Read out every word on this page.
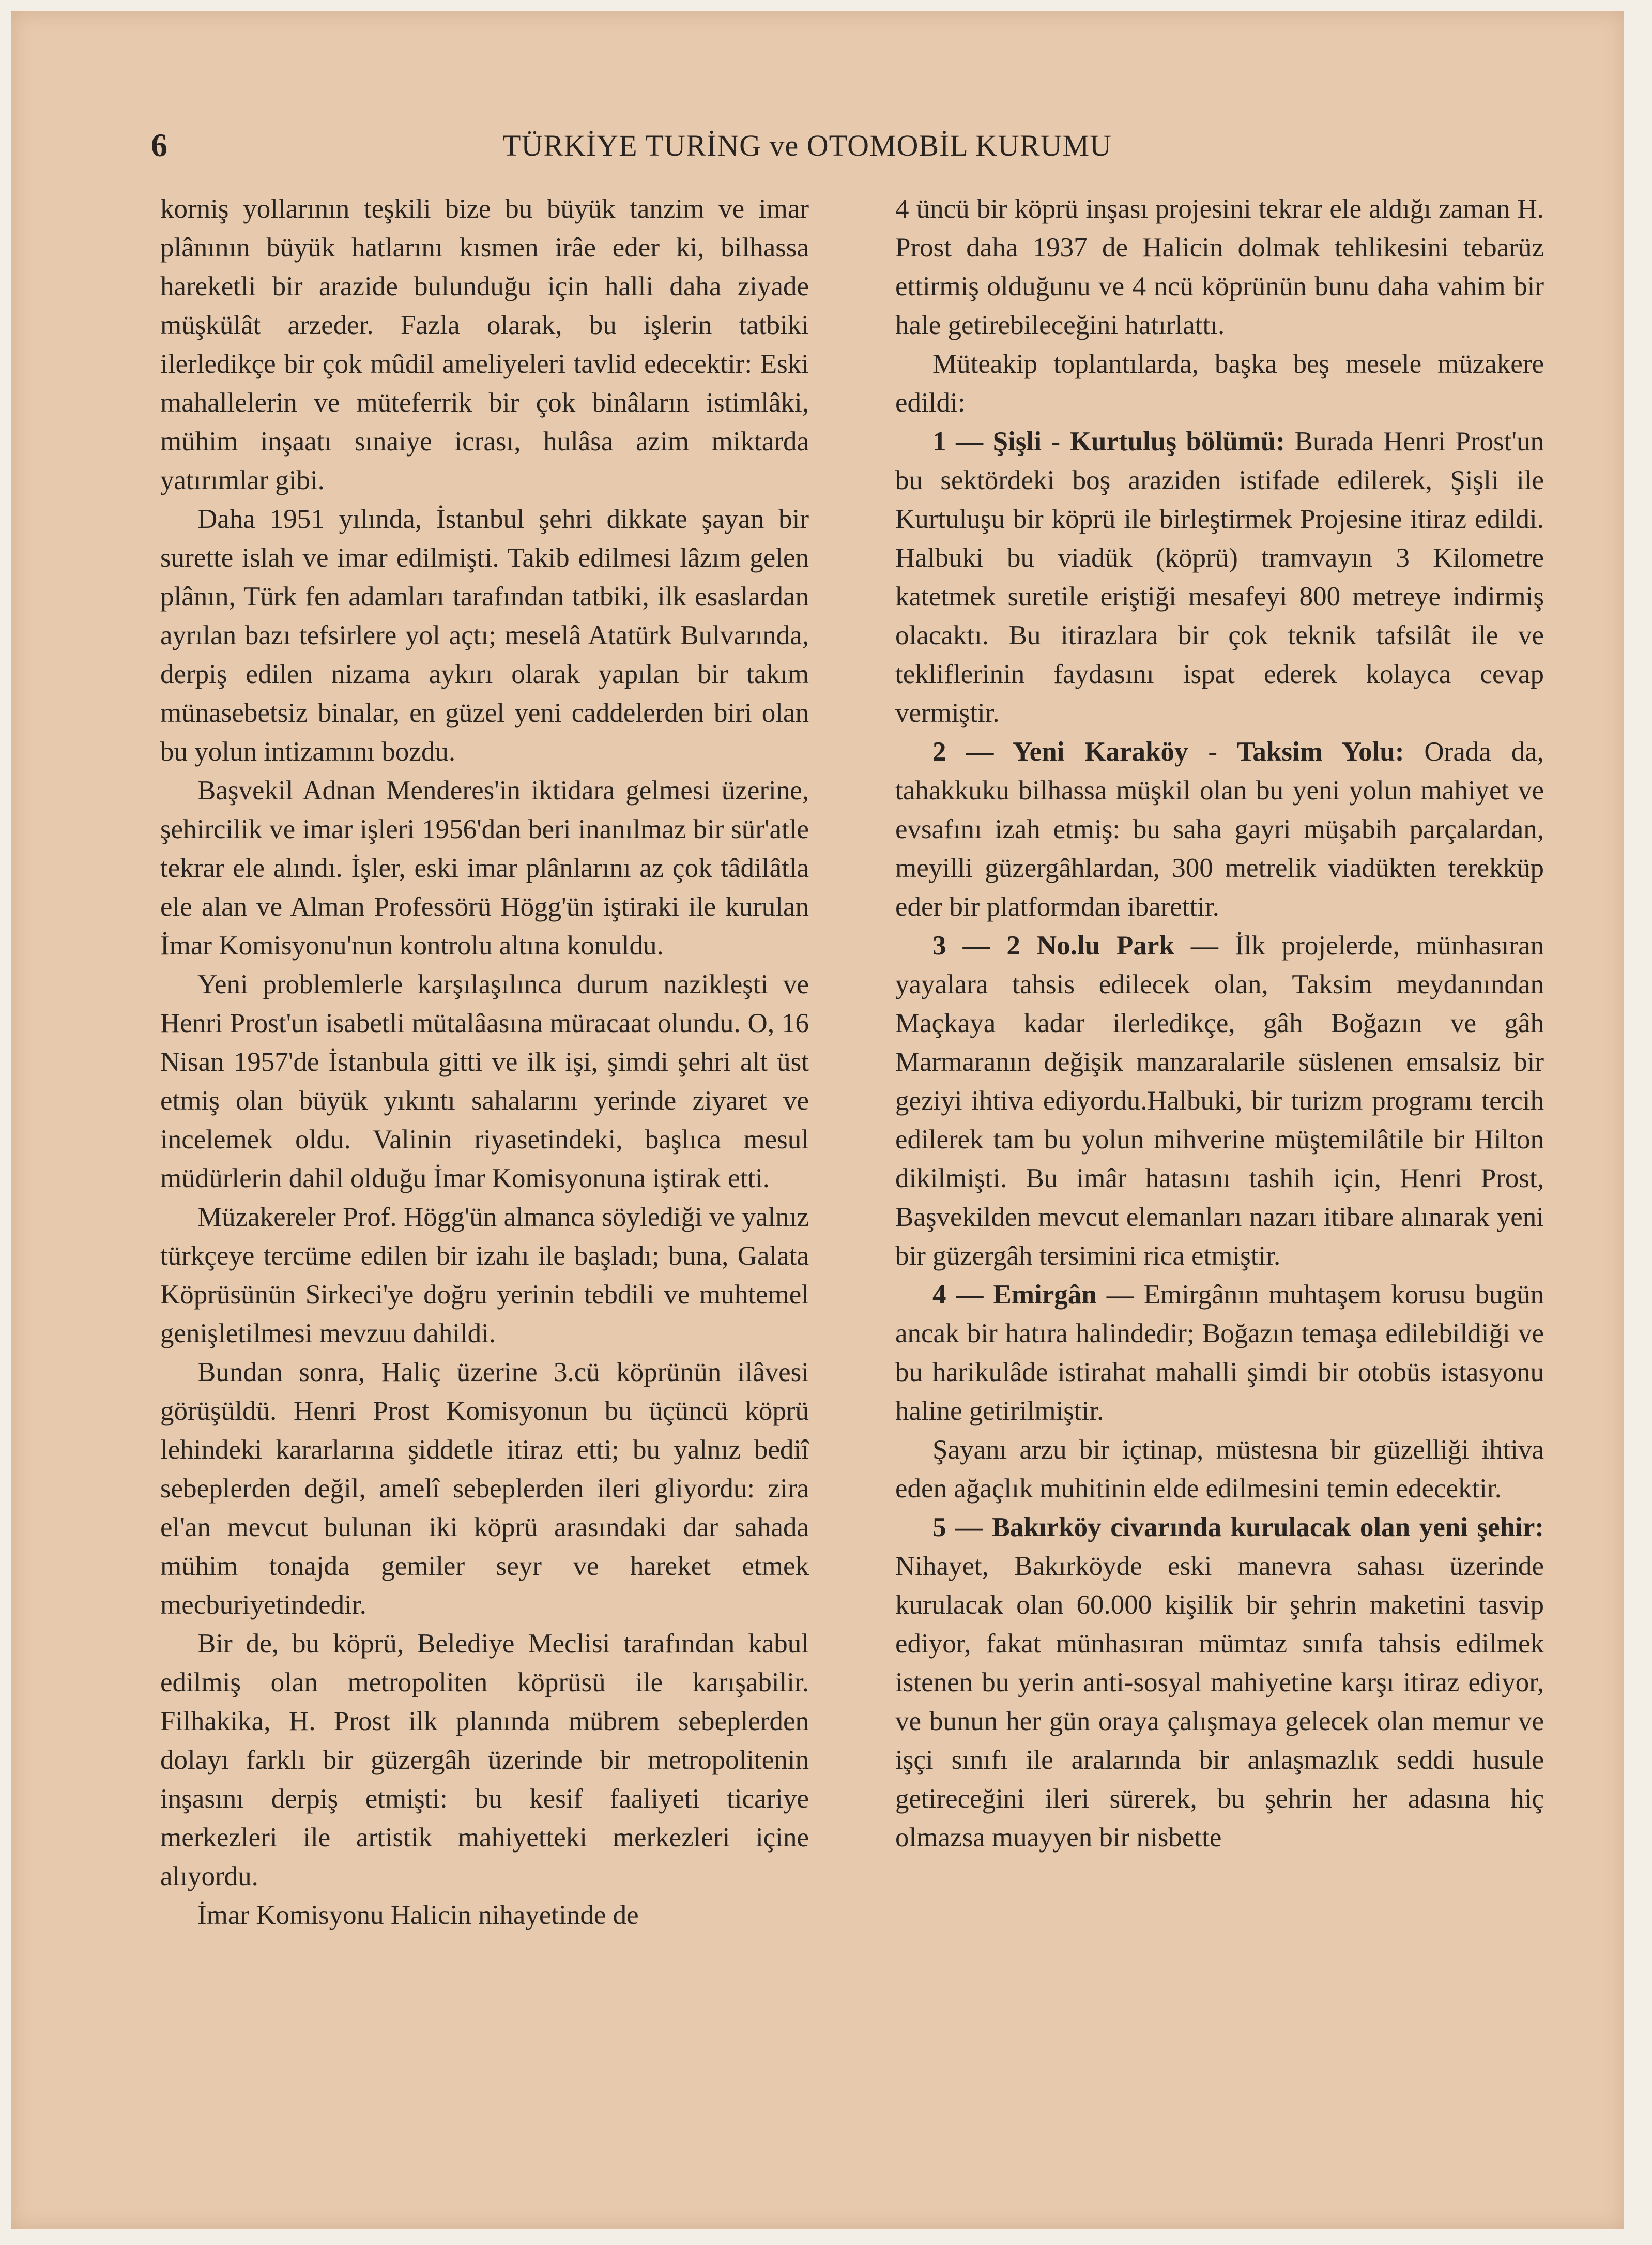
6	TÜRKİYE TURİNG ve OTOMOBİL KURUMU

korniş yollarının teşkili bize bu büyük tanzim ve imar plânının büyük hatlarını kısmen irâe eder ki, bilhassa hareketli bir arazide bulunduğu için halli daha ziyade müşkülât arzeder. Fazla olarak, bu işlerin tatbiki ilerledikçe bir çok mûdil ameliyeleri tavlid edecektir: Eski mahallelerin ve müteferrik bir çok binâların istimlâki, mühim inşaatı sınaiye icrası, hulâsa azim miktarda yatırımlar gibi.

Daha 1951 yılında, İstanbul şehri dikkate şayan bir surette islah ve imar edilmişti. Takib edilmesi lâzım gelen plânın, Türk fen adamları tarafından tatbiki, ilk esaslardan ayrılan bazı tefsirlere yol açtı; meselâ Atatürk Bulvarında, derpiş edilen nizama aykırı olarak yapılan bir takım münasebetsiz binalar, en güzel yeni caddelerden biri olan bu yolun intizamını bozdu.

Başvekil Adnan Menderes'in iktidara gelmesi üzerine, şehircilik ve imar işleri 1956'dan beri inanılmaz bir sür'atle tekrar ele alındı. İşler, eski imar plânlarını az çok tâdilâtla ele alan ve Alman Professörü Högg'ün iştiraki ile kurulan İmar Komisyonu'nun kontrolu altına konuldu.

Yeni problemlerle karşılaşılınca durum nazikleşti ve Henri Prost'un isabetli mütalâasına müracaat olundu. O, 16 Nisan 1957'de İstanbula gitti ve ilk işi, şimdi şehri alt üst etmiş olan büyük yıkıntı sahalarını yerinde ziyaret ve incelemek oldu. Valinin riyasetindeki, başlıca mesul müdürlerin dahil olduğu İmar Komisyonuna iştirak etti.

Müzakereler Prof. Högg'ün almanca söylediği ve yalnız türkçeye tercüme edilen bir izahı ile başladı; buna, Galata Köprüsünün Sirkeci'ye doğru yerinin tebdili ve muhtemel genişletilmesi mevzuu dahildi.

Bundan sonra, Haliç üzerine 3.cü köprünün ilâvesi görüşüldü. Henri Prost Komisyonun bu üçüncü köprü lehindeki kararlarına şiddetle itiraz etti; bu yalnız bediî sebeplerden değil, amelî sebeplerden ileri gliyordu: zira el'an mevcut bulunan iki köprü arasındaki dar sahada mühim tonajda gemiler seyr ve hareket etmek mecburiyetindedir.

Bir de, bu köprü, Belediye Meclisi tarafından kabul edilmiş olan metropoliten köprüsü ile karışabilir. Filhakika, H. Prost ilk planında mübrem sebeplerden dolayı farklı bir güzergâh üzerinde bir metropolitenin inşasını derpiş etmişti: bu kesif faaliyeti ticariye merkezleri ile artistik mahiyetteki merkezleri içine alıyordu.

İmar Komisyonu Halicin nihayetinde de

4 üncü bir köprü inşası projesini tekrar ele aldığı zaman H. Prost daha 1937 de Halicin dolmak tehlikesini tebarüz ettirmiş olduğunu ve 4 ncü köprünün bunu daha vahim bir hale getirebileceğini hatırlattı.

Müteakip toplantılarda, başka beş mesele müzakere edildi:

1 — Şişli - Kurtuluş bölümü: Burada Henri Prost'un bu sektördeki boş araziden istifade edilerek, Şişli ile Kurtuluşu bir köprü ile birleştirmek Projesine itiraz edildi. Halbuki bu viadük (köprü) tramvayın 3 Kilometre katetmek suretile eriştiği mesafeyi 800 metreye indirmiş olacaktı. Bu itirazlara bir çok teknik tafsilât ile ve tekliflerinin faydasını ispat ederek kolayca cevap vermiştir.

2 — Yeni Karaköy - Taksim Yolu: Orada da, tahakkuku bilhassa müşkil olan bu yeni yolun mahiyet ve evsafını izah etmiş: bu saha gayri müşabih parçalardan, meyilli güzergâhlardan, 300 metrelik viadükten terekküp eder bir platformdan ibarettir.

3 — 2 No.lu Park — İlk projelerde, münhasıran yayalara tahsis edilecek olan, Taksim meydanından Maçkaya kadar ilerledikçe, gâh Boğazın ve gâh Marmaranın değişik manzaralarile süslenen emsalsiz bir geziyi ihtiva ediyordu.Halbuki, bir turizm programı tercih edilerek tam bu yolun mihverine müştemilâtile bir Hilton dikilmişti. Bu imâr hatasını tashih için, Henri Prost, Başvekilden mevcut elemanları nazarı itibare alınarak yeni bir güzergâh tersimini rica etmiştir.

4 — Emirgân — Emirgânın muhtaşem korusu bugün ancak bir hatıra halindedir; Boğazın temaşa edilebildiği ve bu harikulâde istirahat mahalli şimdi bir otobüs istasyonu haline getirilmiştir.

Şayanı arzu bir içtinap, müstesna bir güzelliği ihtiva eden ağaçlık muhitinin elde edilmesini temin edecektir.

5 — Bakırköy civarında kurulacak olan yeni şehir: Nihayet, Bakırköyde eski manevra sahası üzerinde kurulacak olan 60.000 kişilik bir şehrin maketini tasvip ediyor, fakat münhasıran mümtaz sınıfa tahsis edilmek istenen bu yerin anti-sosyal mahiyetine karşı itiraz ediyor, ve bunun her gün oraya çalışmaya gelecek olan memur ve işçi sınıfı ile aralarında bir anlaşmazlık seddi husule getireceğini ileri sürerek, bu şehrin her adasına hiç olmazsa muayyen bir nisbette
